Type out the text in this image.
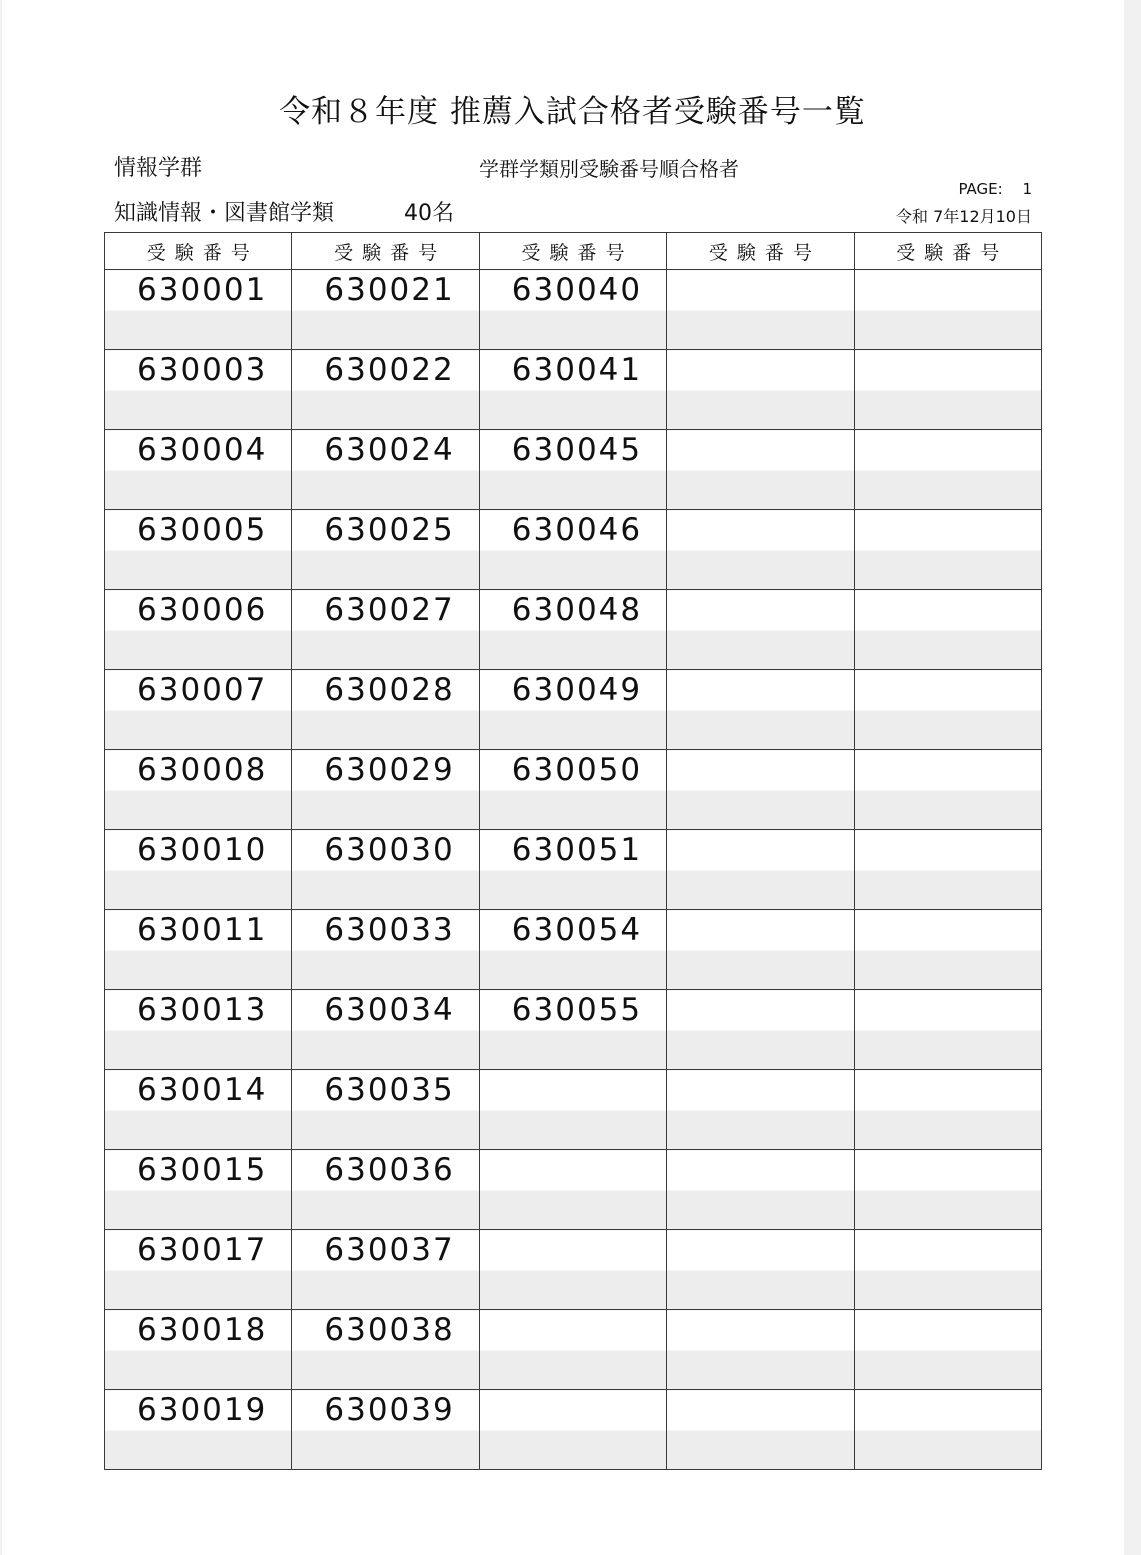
令和８年度 推薦入試合格者受験番号一覧
情報学群	学群学類別受験番号順合格者
知識情報・図書館学類	40名
PAGE:　 1
令和 7年12月10日
受験番号	受験番号	受験番号	受験番号	受験番号

630001	630021	630040		

630003	630022	630041		

630004	630024	630045		

630005	630025	630046		

630006	630027	630048		

630007	630028	630049		

630008	630029	630050		

630010	630030	630051		

630011	630033	630054		

630013	630034	630055		

630014	630035			

630015	630036			

630017	630037			

630018	630038			

630019	630039			
